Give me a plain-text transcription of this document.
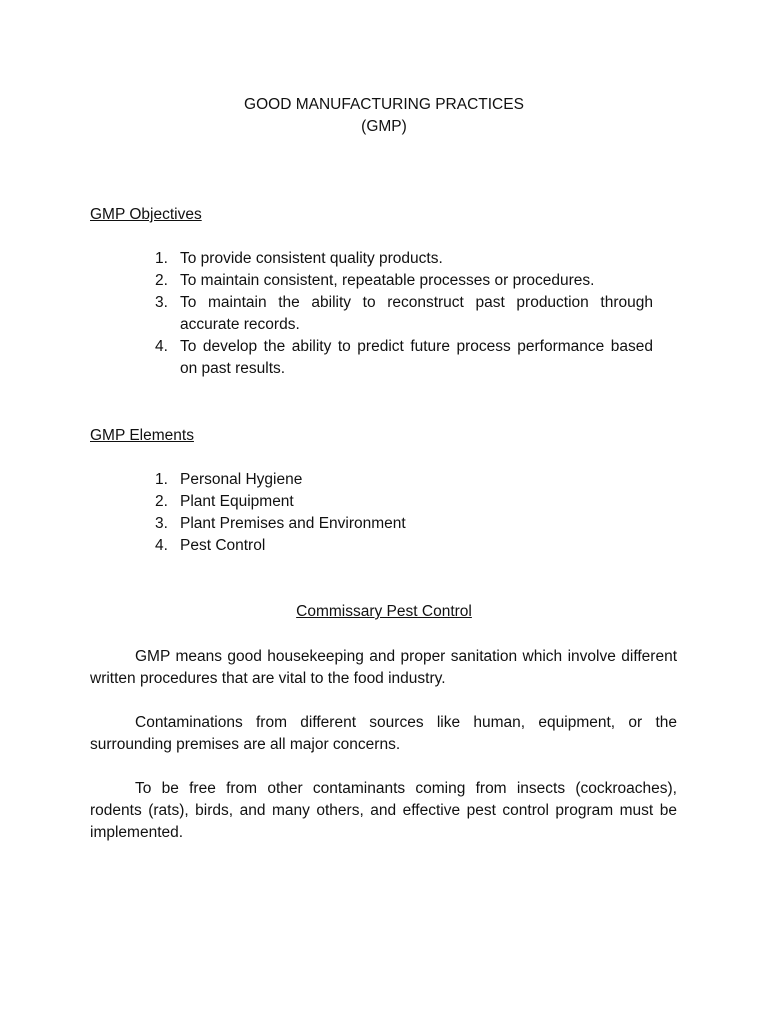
GOOD MANUFACTURING PRACTICES
(GMP)
GMP Objectives
1. To provide consistent quality products.
2. To maintain consistent, repeatable processes or procedures.
3. To maintain the ability to reconstruct past production through accurate records.
4. To develop the ability to predict future process performance based on past results.
GMP Elements
1. Personal Hygiene
2. Plant Equipment
3. Plant Premises and Environment
4. Pest Control
Commissary Pest Control

GMP means good housekeeping and proper sanitation which involve different written procedures that are vital to the food industry.

Contaminations from different sources like human, equipment, or the surrounding premises are all major concerns.

To be free from other contaminants coming from insects (cockroaches), rodents (rats), birds, and many others, and effective pest control program must be implemented.
